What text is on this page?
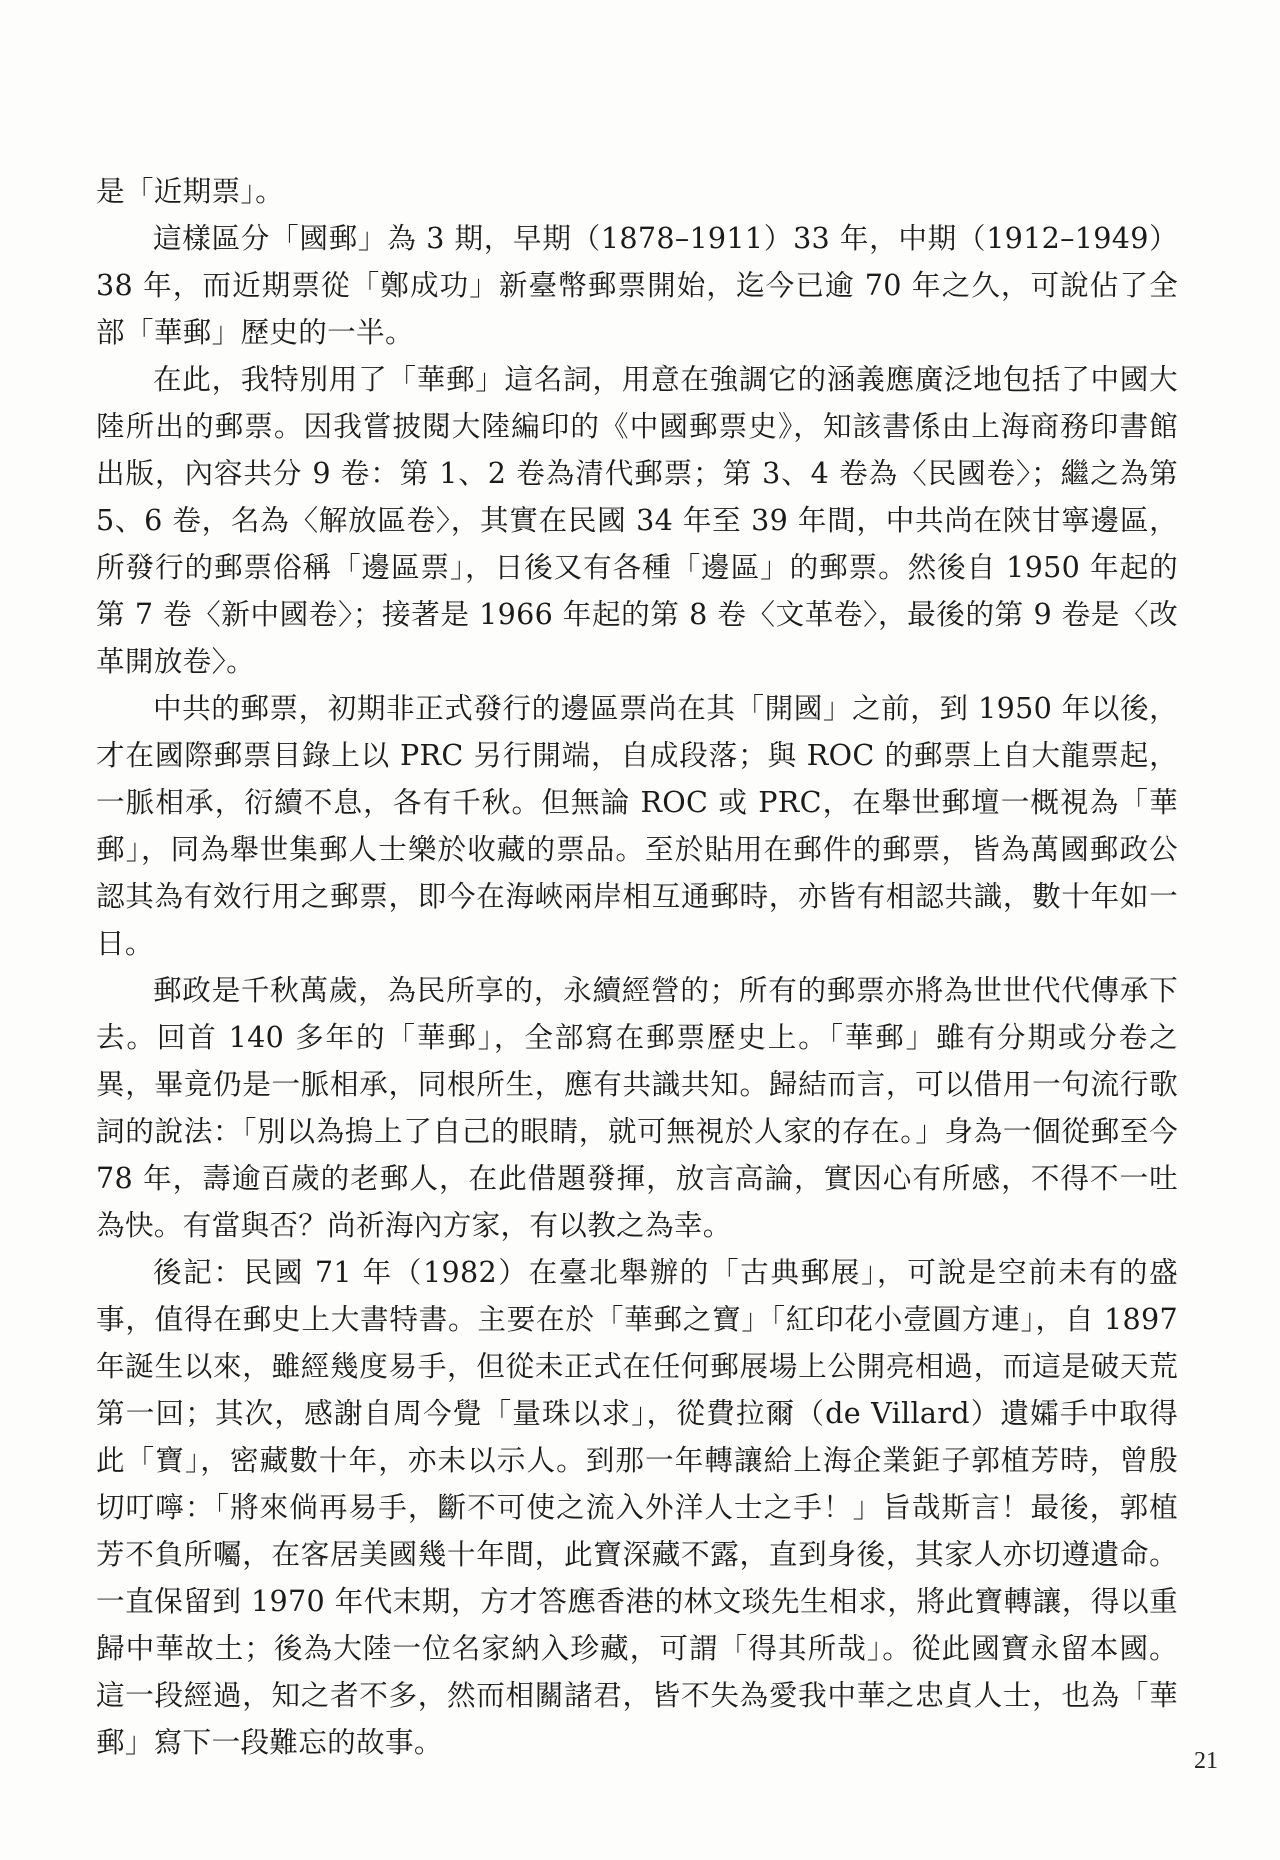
是「近期票」。

這樣區分「國郵」為 3 期，早期（1878–1911）33 年，中期（1912–1949）38 年，而近期票從「鄭成功」新臺幣郵票開始，迄今已逾 70 年之久，可說佔了全部「華郵」歷史的一半。

在此，我特別用了「華郵」這名詞，用意在強調它的涵義應廣泛地包括了中國大陸所出的郵票。因我嘗披閱大陸編印的《中國郵票史》，知該書係由上海商務印書館出版，內容共分 9 卷：第 1、2 卷為清代郵票；第 3、4 卷為〈民國卷〉；繼之為第 5、6 卷，名為〈解放區卷〉，其實在民國 34 年至 39 年間，中共尚在陝甘寧邊區，所發行的郵票俗稱「邊區票」，日後又有各種「邊區」的郵票。然後自 1950 年起的第 7 卷〈新中國卷〉；接著是 1966 年起的第 8 卷〈文革卷〉，最後的第 9 卷是〈改革開放卷〉。

中共的郵票，初期非正式發行的邊區票尚在其「開國」之前，到 1950 年以後，才在國際郵票目錄上以 PRC 另行開端，自成段落；與 ROC 的郵票上自大龍票起，一脈相承，衍續不息，各有千秋。但無論 ROC 或 PRC，在舉世郵壇一概視為「華郵」，同為舉世集郵人士樂於收藏的票品。至於貼用在郵件的郵票，皆為萬國郵政公認其為有效行用之郵票，即今在海峽兩岸相互通郵時，亦皆有相認共識，數十年如一日。

郵政是千秋萬歲，為民所享的，永續經營的；所有的郵票亦將為世世代代傳承下去。回首 140 多年的「華郵」，全部寫在郵票歷史上。「華郵」雖有分期或分卷之異，畢竟仍是一脈相承，同根所生，應有共識共知。歸結而言，可以借用一句流行歌詞的說法：「別以為摀上了自己的眼睛，就可無視於人家的存在。」身為一個從郵至今 78 年，壽逾百歲的老郵人，在此借題發揮，放言高論，實因心有所感，不得不一吐為快。有當與否？尚祈海內方家，有以教之為幸。

後記：民國 71 年（1982）在臺北舉辦的「古典郵展」，可說是空前未有的盛事，值得在郵史上大書特書。主要在於「華郵之寶」「紅印花小壹圓方連」，自 1897 年誕生以來，雖經幾度易手，但從未正式在任何郵展場上公開亮相過，而這是破天荒第一回；其次，感謝自周今覺「量珠以求」，從費拉爾（de Villard）遺孀手中取得此「寶」，密藏數十年，亦未以示人。到那一年轉讓給上海企業鉅子郭植芳時，曾殷切叮嚀：「將來倘再易手，斷不可使之流入外洋人士之手！」旨哉斯言！最後，郭植芳不負所囑，在客居美國幾十年間，此寶深藏不露，直到身後，其家人亦切遵遺命。一直保留到 1970 年代末期，方才答應香港的林文琰先生相求，將此寶轉讓，得以重歸中華故土；後為大陸一位名家納入珍藏，可謂「得其所哉」。從此國寶永留本國。這一段經過，知之者不多，然而相關諸君，皆不失為愛我中華之忠貞人士，也為「華郵」寫下一段難忘的故事。

21
